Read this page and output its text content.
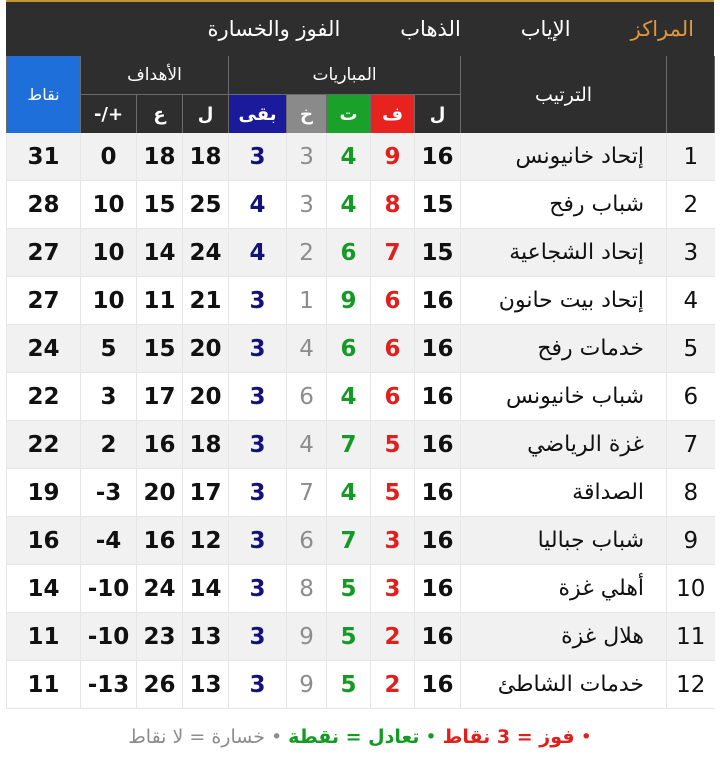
المراكز
الإياب
الذهاب
الفوز والخسارة
	الترتيب	المباريات					الأهداف			نقاط
		ل	ف	ت	خ	بقى	ل	ع	+/-	
1	إتحاد خانيونس	16	9	4	3	3	18	18	0	31
2	شباب رفح	15	8	4	3	4	25	15	10	28
3	إتحاد الشجاعية	15	7	6	2	4	24	14	10	27
4	إتحاد بيت حانون	16	6	9	1	3	21	11	10	27
5	خدمات رفح	16	6	6	4	3	20	15	5	24
6	شباب خانيونس	16	6	4	6	3	20	17	3	22
7	غزة الرياضي	16	5	7	4	3	18	16	2	22
8	الصداقة	16	5	4	7	3	17	20	3-	19
9	شباب جباليا	16	3	7	6	3	12	16	4-	16
10	أهلي غزة	16	3	5	8	3	14	24	10-	14
11	هلال غزة	16	2	5	9	3	13	23	10-	11
12	خدمات الشاطئ	16	2	5	9	3	13	26	13-	11
•
فوز = 3 نقاط
•
تعادل = نقطة
•
خسارة = لا نقاط
